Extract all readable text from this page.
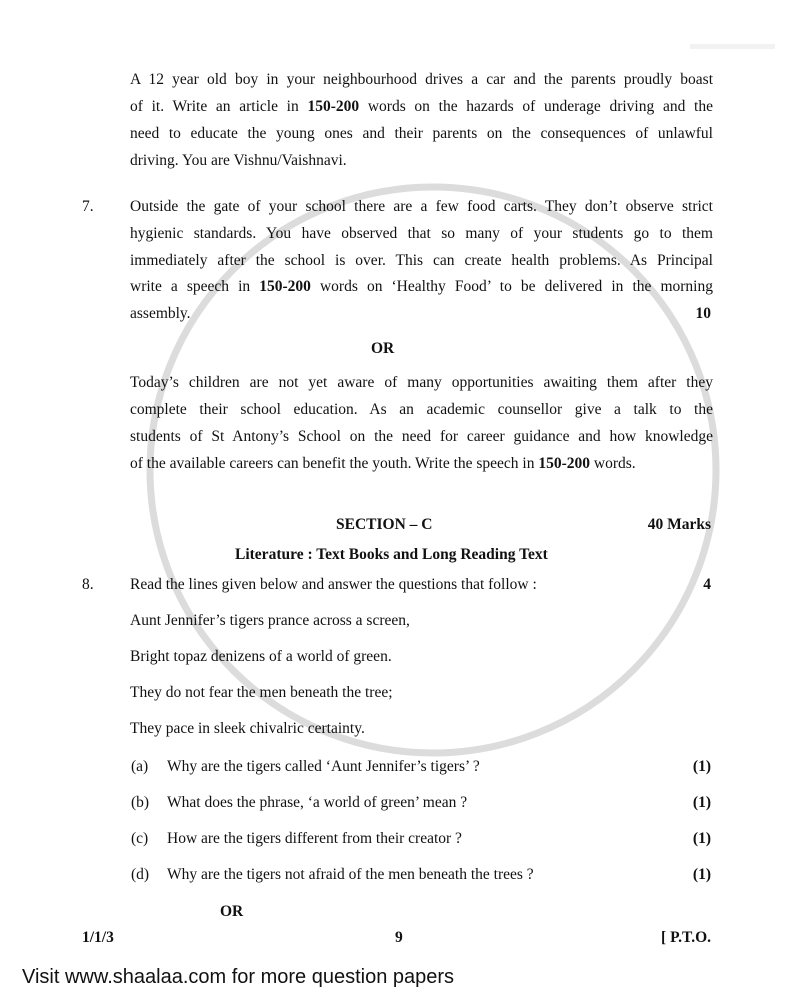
A 12 year old boy in your neighbourhood drives a car and the parents proudly boast
of it. Write an article in 150-200 words on the hazards of underage driving and the
need to educate the young ones and their parents on the consequences of unlawful
driving. You are Vishnu/Vaishnavi.
7. Outside the gate of your school there are a few food carts. They don’t observe strict
hygienic standards. You have observed that so many of your students go to them
immediately after the school is over. This can create health problems. As Principal
write a speech in 150-200 words on ‘Healthy Food’ to be delivered in the morning
assembly.	10
OR
Today’s children are not yet aware of many opportunities awaiting them after they
complete their school education. As an academic counsellor give a talk to the
students of St Antony’s School on the need for career guidance and how knowledge
of the available careers can benefit the youth. Write the speech in 150-200 words.
SECTION – C	40 Marks
Literature : Text Books and Long Reading Text
8. Read the lines given below and answer the questions that follow :	4
Aunt Jennifer’s tigers prance across a screen,
Bright topaz denizens of a world of green.
They do not fear the men beneath the tree;
They pace in sleek chivalric certainty.
(a) Why are the tigers called ‘Aunt Jennifer’s tigers’ ?	(1)
(b) What does the phrase, ‘a world of green’ mean ?	(1)
(c) How are the tigers different from their creator ?	(1)
(d) Why are the tigers not afraid of the men beneath the trees ?	(1)
OR
1/1/3	9	[ P.T.O.
Visit www.shaalaa.com for more question papers
